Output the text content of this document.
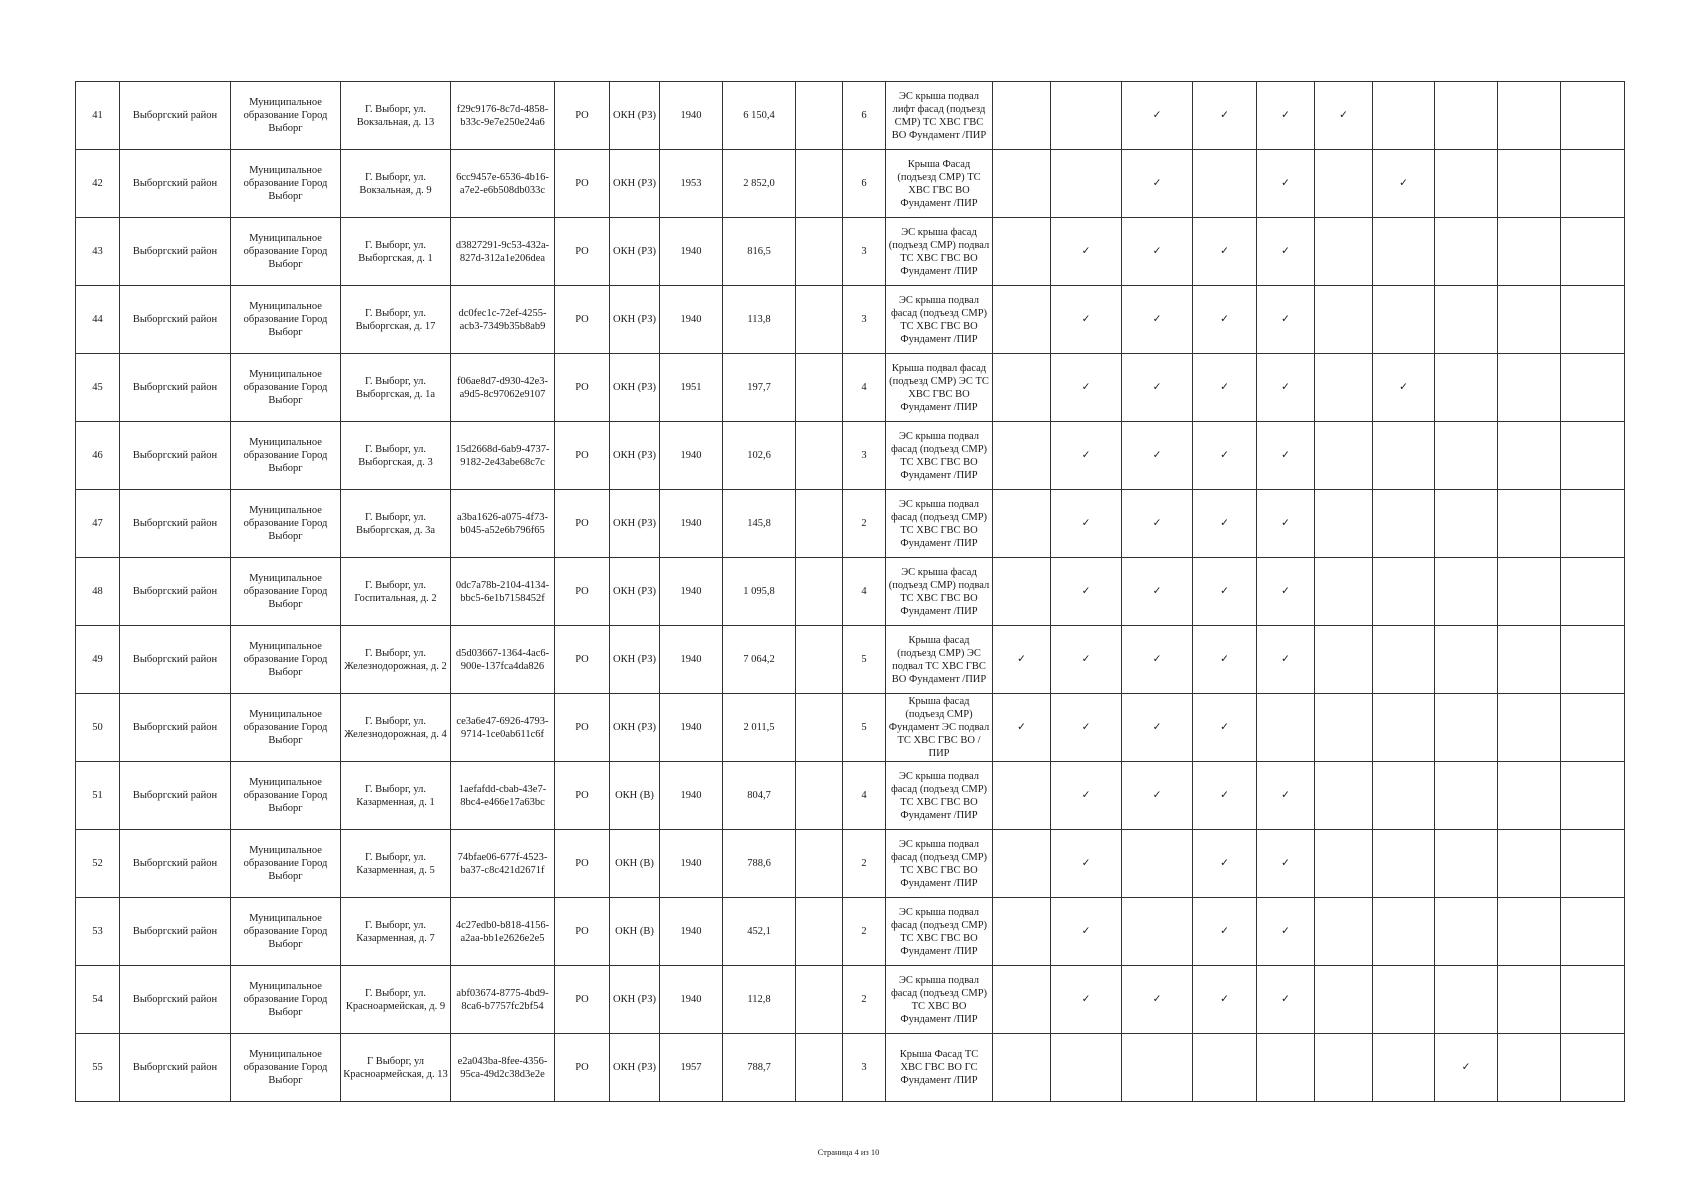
41	Выборгский район	Муниципальное образование Город Выборг	Г. Выборг, ул. Вокзальная, д. 13	f29c9176-8c7d-4858-b33c-9e7e250e24a6	РО	ОКН (РЗ)	1940	6 150,4		6	ЭС крыша подвал лифт фасад (подъезд СМР) ТС ХВС ГВС ВО Фундамент /ПИР			✓	✓	✓	✓				
42	Выборгский район	Муниципальное образование Город Выборг	Г. Выборг, ул. Вокзальная, д. 9	6cc9457e-6536-4b16-a7e2-e6b508db033c	РО	ОКН (РЗ)	1953	2 852,0		6	Крыша Фасад (подъезд СМР) ТС ХВС ГВС ВО Фундамент /ПИР			✓		✓		✓			
43	Выборгский район	Муниципальное образование Город Выборг	Г. Выборг, ул. Выборгская, д. 1	d3827291-9c53-432a-827d-312a1e206dea	РО	ОКН (РЗ)	1940	816,5		3	ЭС крыша фасад (подъезд СМР) подвал ТС ХВС ГВС ВО Фундамент /ПИР		✓	✓	✓	✓					
44	Выборгский район	Муниципальное образование Город Выборг	Г. Выборг, ул. Выборгская, д. 17	dc0fec1c-72ef-4255-acb3-7349b35b8ab9	РО	ОКН (РЗ)	1940	113,8		3	ЭС крыша подвал фасад (подъезд СМР) ТС ХВС ГВС ВО Фундамент /ПИР		✓	✓	✓	✓					
45	Выборгский район	Муниципальное образование Город Выборг	Г. Выборг, ул. Выборгская, д. 1а	f06ae8d7-d930-42e3-a9d5-8c97062e9107	РО	ОКН (РЗ)	1951	197,7		4	Крыша подвал фасад (подъезд СМР) ЭС ТС ХВС ГВС ВО Фундамент /ПИР		✓	✓	✓	✓		✓			
46	Выборгский район	Муниципальное образование Город Выборг	Г. Выборг, ул. Выборгская, д. 3	15d2668d-6ab9-4737-9182-2e43abe68c7c	РО	ОКН (РЗ)	1940	102,6		3	ЭС крыша подвал фасад (подъезд СМР) ТС ХВС ГВС ВО Фундамент /ПИР		✓	✓	✓	✓					
47	Выборгский район	Муниципальное образование Город Выборг	Г. Выборг, ул. Выборгская, д. 3а	a3ba1626-a075-4f73-b045-a52e6b796f65	РО	ОКН (РЗ)	1940	145,8		2	ЭС крыша подвал фасад (подъезд СМР) ТС ХВС ГВС ВО Фундамент /ПИР		✓	✓	✓	✓					
48	Выборгский район	Муниципальное образование Город Выборг	Г. Выборг, ул. Госпитальная, д. 2	0dc7a78b-2104-4134-bbc5-6e1b7158452f	РО	ОКН (РЗ)	1940	1 095,8		4	ЭС крыша фасад (подъезд СМР) подвал ТС ХВС ГВС ВО Фундамент /ПИР		✓	✓	✓	✓					
49	Выборгский район	Муниципальное образование Город Выборг	Г. Выборг, ул. Железнодорожная, д. 2	d5d03667-1364-4ac6-900e-137fca4da826	РО	ОКН (РЗ)	1940	7 064,2		5	Крыша фасад (подъезд СМР) ЭС подвал ТС ХВС ГВС ВО Фундамент /ПИР	✓	✓	✓	✓	✓					
50	Выборгский район	Муниципальное образование Город Выборг	Г. Выборг, ул. Железнодорожная, д. 4	ce3a6e47-6926-4793-9714-1ce0ab611c6f	РО	ОКН (РЗ)	1940	2 011,5		5	Крыша фасад (подъезд СМР) Фундамент ЭС подвал ТС ХВС ГВС ВО /ПИР	✓	✓	✓	✓						
51	Выборгский район	Муниципальное образование Город Выборг	Г. Выборг, ул. Казарменная, д. 1	1aefafdd-cbab-43e7-8bc4-e466e17a63bc	РО	ОКН (В)	1940	804,7		4	ЭС крыша подвал фасад (подъезд СМР) ТС ХВС ГВС ВО Фундамент /ПИР		✓	✓	✓	✓					
52	Выборгский район	Муниципальное образование Город Выборг	Г. Выборг, ул. Казарменная, д. 5	74bfae06-677f-4523-ba37-c8c421d2671f	РО	ОКН (В)	1940	788,6		2	ЭС крыша подвал фасад (подъезд СМР) ТС ХВС ГВС ВО Фундамент /ПИР		✓		✓	✓					
53	Выборгский район	Муниципальное образование Город Выборг	Г. Выборг, ул. Казарменная, д. 7	4c27edb0-b818-4156-a2aa-bb1e2626e2e5	РО	ОКН (В)	1940	452,1		2	ЭС крыша подвал фасад (подъезд СМР) ТС ХВС ГВС ВО Фундамент /ПИР		✓		✓	✓					
54	Выборгский район	Муниципальное образование Город Выборг	Г. Выборг, ул. Красноармейская, д. 9	abf03674-8775-4bd9-8ca6-b7757fc2bf54	РО	ОКН (РЗ)	1940	112,8		2	ЭС крыша подвал фасад (подъезд СМР) ТС ХВС ВО Фундамент /ПИР		✓	✓	✓	✓					
55	Выборгский район	Муниципальное образование Город Выборг	Г Выборг, ул Красноармейская, д. 13	e2a043ba-8fee-4356-95ca-49d2c38d3e2e	РО	ОКН (РЗ)	1957	788,7		3	Крыша Фасад ТС ХВС ГВС ВО ГС Фундамент /ПИР								✓		
Страница 4 из 10
